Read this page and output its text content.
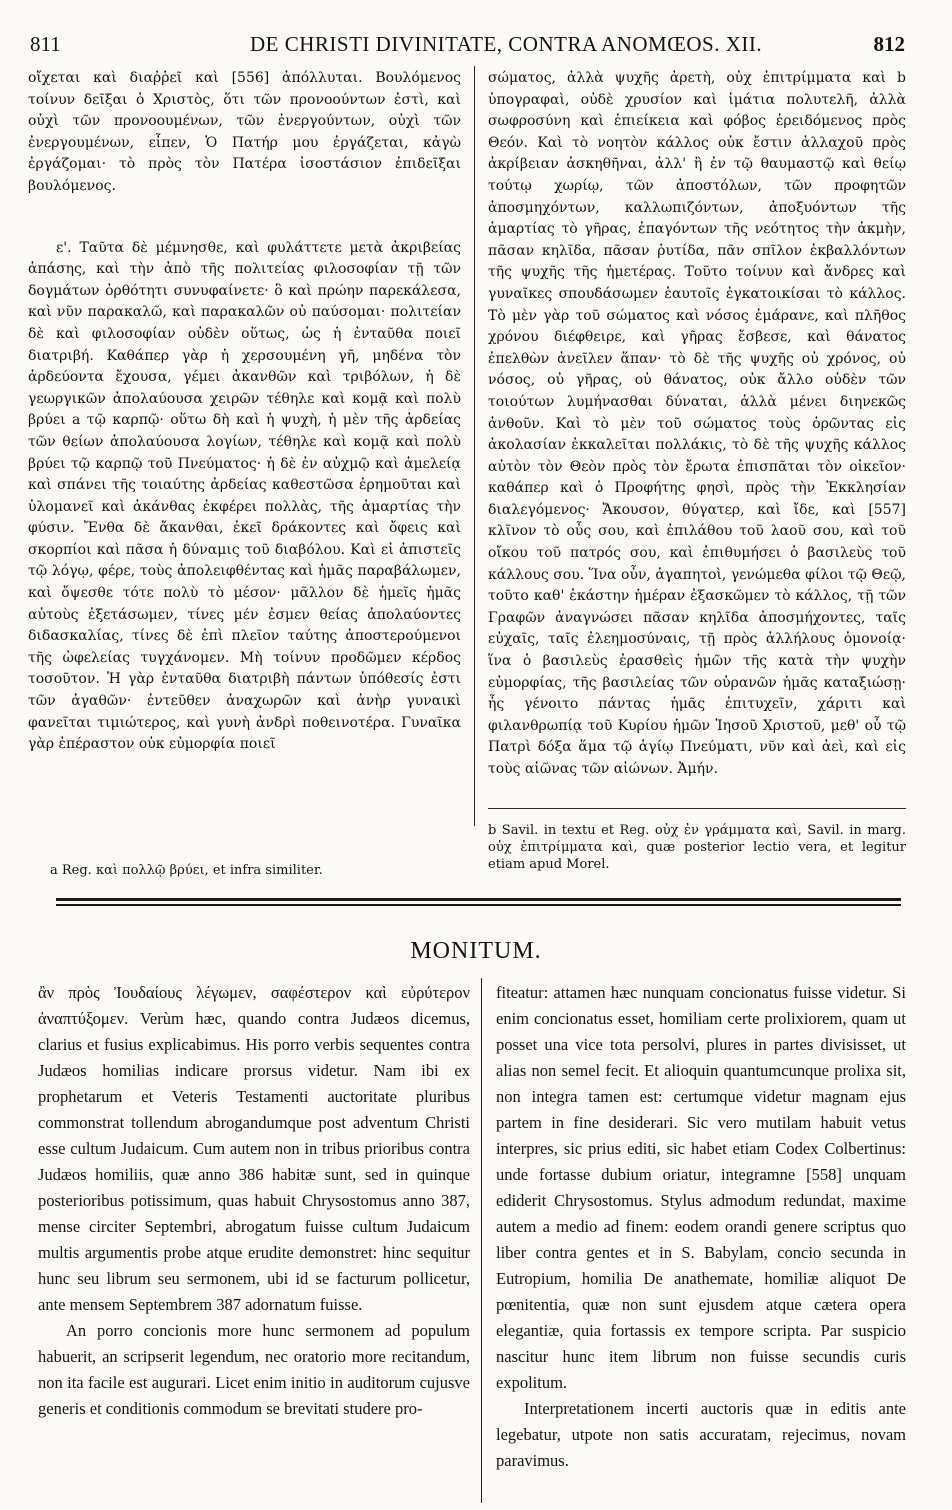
811	DE CHRISTI DIVINITATE, CONTRA ANOMŒOS. XII.	812

οἴχεται καὶ διαῤῥεῖ καὶ [556] ἀπόλλυται. Βουλόμενος τοίνυν δεῖξαι ὁ Χριστὸς, ὅτι τῶν προνοούντων ἐστὶ, καὶ οὐχὶ τῶν προνοουμένων, τῶν ἐνεργούντων, οὐχὶ τῶν ἐνεργουμένων, εἶπεν, Ὁ Πατήρ μου ἐργάζεται, κἀγὼ ἐργάζομαι· τὸ πρὸς τὸν Πατέρα ἰσοστάσιον ἐπιδεῖξαι βουλόμενος.

ε'. Ταῦτα δὲ μέμνησθε, καὶ φυλάττετε μετὰ ἀκριβείας ἁπάσης, καὶ τὴν ἀπὸ τῆς πολιτείας φιλοσοφίαν τῇ τῶν δογμάτων ὀρθότητι συνυφαίνετε· ὃ καὶ πρώην παρεκάλεσα, καὶ νῦν παρακαλῶ, καὶ παρακαλῶν οὐ παύσομαι· πολιτείαν δὲ καὶ φιλοσοφίαν οὐδὲν οὕτως, ὡς ἡ ἐνταῦθα ποιεῖ διατριβή. Καθάπερ γὰρ ἡ χερσουμένη γῆ, μηδένα τὸν ἀρδεύοντα ἔχουσα, γέμει ἀκανθῶν καὶ τριβόλων, ἡ δὲ γεωργικῶν ἀπολαύουσα χειρῶν τέθηλε καὶ κομᾷ καὶ πολὺ βρύει a τῷ καρπῷ· οὕτω δὴ καὶ ἡ ψυχὴ, ἡ μὲν τῆς ἀρδείας τῶν θείων ἀπολαύουσα λογίων, τέθηλε καὶ κομᾷ καὶ πολὺ βρύει τῷ καρπῷ τοῦ Πνεύματος· ἡ δὲ ἐν αὐχμῷ καὶ ἀμελείᾳ καὶ σπάνει τῆς τοιαύτης ἀρδείας καθεστῶσα ἐρημοῦται καὶ ὑλομανεῖ καὶ ἀκάνθας ἐκφέρει πολλὰς, τῆς ἁμαρτίας τὴν φύσιν. Ἔνθα δὲ ἄκανθαι, ἐκεῖ δράκοντες καὶ ὄφεις καὶ σκορπίοι καὶ πᾶσα ἡ δύναμις τοῦ διαβόλου. Καὶ εἰ ἀπιστεῖς τῷ λόγῳ, φέρε, τοὺς ἀπολειφθέντας καὶ ἡμᾶς παραβάλωμεν, καὶ ὄψεσθε τότε πολὺ τὸ μέσον· μᾶλλον δὲ ἡμεῖς ἡμᾶς αὐτοὺς ἐξετάσωμεν, τίνες μέν ἐσμεν θείας ἀπολαύοντες διδασκαλίας, τίνες δὲ ἐπὶ πλεῖον ταύτης ἀποστερούμενοι τῆς ὠφελείας τυγχάνομεν. Μὴ τοίνυν προδῶμεν κέρδος τοσοῦτον. Ἡ γὰρ ἐνταῦθα διατριβὴ πάντων ὑπόθεσίς ἐστι τῶν ἀγαθῶν· ἐντεῦθεν ἀναχωρῶν καὶ ἀνὴρ γυναικὶ φανεῖται τιμιώτερος, καὶ γυνὴ ἀνδρὶ ποθεινοτέρα. Γυναῖκα γὰρ ἐπέραστον οὐκ εὐμορφία ποιεῖ

σώματος, ἀλλὰ ψυχῆς ἀρετὴ, οὐχ ἐπιτρίμματα καὶ b ὑπογραφαὶ, οὐδὲ χρυσίον καὶ ἱμάτια πολυτελῆ, ἀλλὰ σωφροσύνη καὶ ἐπιείκεια καὶ φόβος ἐρειδόμενος πρὸς Θεόν. Καὶ τὸ νοητὸν κάλλος οὐκ ἔστιν ἀλλαχοῦ πρὸς ἀκρίβειαν ἀσκηθῆναι, ἀλλ' ἢ ἐν τῷ θαυμαστῷ καὶ θείῳ τούτῳ χωρίῳ, τῶν ἀποστόλων, τῶν προφητῶν ἀποσμηχόντων, καλλωπιζόντων, ἀποξυόντων τῆς ἁμαρτίας τὸ γῆρας, ἐπαγόντων τῆς νεότητος τὴν ἀκμὴν, πᾶσαν κηλῖδα, πᾶσαν ῥυτίδα, πᾶν σπῖλον ἐκβαλλόντων τῆς ψυχῆς τῆς ἡμετέρας. Τοῦτο τοίνυν καὶ ἄνδρες καὶ γυναῖκες σπουδάσωμεν ἑαυτοῖς ἐγκατοικίσαι τὸ κάλλος. Τὸ μὲν γὰρ τοῦ σώματος καὶ νόσος ἐμάρανε, καὶ πλῆθος χρόνου διέφθειρε, καὶ γῆρας ἔσβεσε, καὶ θάνατος ἐπελθὼν ἀνεῖλεν ἅπαν· τὸ δὲ τῆς ψυχῆς οὐ χρόνος, οὐ νόσος, οὐ γῆρας, οὐ θάνατος, οὐκ ἄλλο οὐδὲν τῶν τοιούτων λυμήνασθαι δύναται, ἀλλὰ μένει διηνεκῶς ἀνθοῦν. Καὶ τὸ μὲν τοῦ σώματος τοὺς ὁρῶντας εἰς ἀκολασίαν ἐκκαλεῖται πολλάκις, τὸ δὲ τῆς ψυχῆς κάλλος αὐτὸν τὸν Θεὸν πρὸς τὸν ἔρωτα ἐπισπᾶται τὸν οἰκεῖον· καθάπερ καὶ ὁ Προφήτης φησὶ, πρὸς τὴν Ἐκκλησίαν διαλεγόμενος· Ἄκουσον, θύγατερ, καὶ ἴδε, καὶ [557] κλῖνον τὸ οὖς σου, καὶ ἐπιλάθου τοῦ λαοῦ σου, καὶ τοῦ οἴκου τοῦ πατρός σου, καὶ ἐπιθυμήσει ὁ βασιλεὺς τοῦ κάλλους σου. Ἵνα οὖν, ἀγαπητοὶ, γενώμεθα φίλοι τῷ Θεῷ, τοῦτο καθ' ἑκάστην ἡμέραν ἐξασκῶμεν τὸ κάλλος, τῇ τῶν Γραφῶν ἀναγνώσει πᾶσαν κηλῖδα ἀποσμήχοντες, ταῖς εὐχαῖς, ταῖς ἐλεημοσύναις, τῇ πρὸς ἀλλήλους ὁμονοίᾳ· ἵνα ὁ βασιλεὺς ἐρασθεὶς ἡμῶν τῆς κατὰ τὴν ψυχὴν εὐμορφίας, τῆς βασιλείας τῶν οὐρανῶν ἡμᾶς καταξιώσῃ· ἧς γένοιτο πάντας ἡμᾶς ἐπιτυχεῖν, χάριτι καὶ φιλανθρωπίᾳ τοῦ Κυρίου ἡμῶν Ἰησοῦ Χριστοῦ, μεθ' οὗ τῷ Πατρὶ δόξα ἅμα τῷ ἁγίῳ Πνεύματι, νῦν καὶ ἀεὶ, καὶ εἰς τοὺς αἰῶνας τῶν αἰώνων. Ἀμήν.

a Reg. καὶ πολλῷ βρύει, et infra similiter.
b Savil. in textu et Reg. οὐχ ἐν γράμματα καὶ, Savil. in marg. οὐχ ἐπιτρίμματα καὶ, quæ posterior lectio vera, et legitur etiam apud Morel.
MONITUM.

ἂν πρὸς Ἰουδαίους λέγωμεν, σαφέστερον καὶ εὐρύτερον ἀναπτύξομεν. Verùm hæc, quando contra Judæos dicemus, clarius et fusius explicabimus. His porro verbis sequentes contra Judæos homilias indicare prorsus videtur. Nam ibi ex prophetarum et Veteris Testamenti auctoritate pluribus commonstrat tollendum abrogandumque post adventum Christi esse cultum Judaicum. Cum autem non in tribus prioribus contra Judæos homiliis, quæ anno 386 habitæ sunt, sed in quinque posterioribus potissimum, quas habuit Chrysostomus anno 387, mense circiter Septembri, abrogatum fuisse cultum Judaicum multis argumentis probe atque erudite demonstret: hinc sequitur hunc seu librum seu sermonem, ubi id se facturum pollicetur, ante mensem Septembrem 387 adornatum fuisse.

An porro concionis more hunc sermonem ad populum habuerit, an scripserit legendum, nec oratorio more recitandum, non ita facile est augurari. Licet enim initio in auditorum cujusve generis et conditionis commodum se brevitati studere pro-

fiteatur: attamen hæc nunquam concionatus fuisse videtur. Si enim concionatus esset, homiliam certe prolixiorem, quam ut posset una vice tota persolvi, plures in partes divisisset, ut alias non semel fecit. Et alioquin quantumcunque prolixa sit, non integra tamen est: certumque videtur magnam ejus partem in fine desiderari. Sic vero mutilam habuit vetus interpres, sic prius editi, sic habet etiam Codex Colbertinus: unde fortasse dubium oriatur, integramne [558] unquam ediderit Chrysostomus. Stylus admodum redundat, maxime autem a medio ad finem: eodem orandi genere scriptus quo liber contra gentes et in S. Babylam, concio secunda in Eutropium, homilia De anathemate, homiliæ aliquot De pœnitentia, quæ non sunt ejusdem atque cætera opera elegantiæ, quia fortassis ex tempore scripta. Par suspicio nascitur hunc item librum non fuisse secundis curis expolitum.

Interpretationem incerti auctoris quæ in editis ante legebatur, utpote non satis accuratam, rejecimus, novam paravimus.
